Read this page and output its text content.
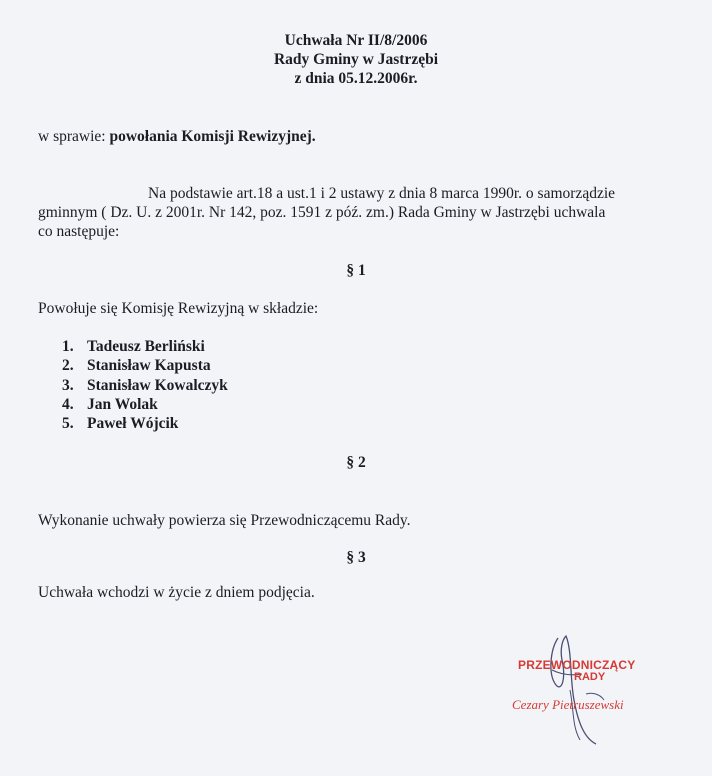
Uchwała Nr II/8/2006
Rady Gminy w Jastrzębi
z dnia 05.12.2006r.
w sprawie: powołania Komisji Rewizyjnej.
Na podstawie art.18 a ust.1 i 2 ustawy z dnia 8 marca 1990r. o samorządzie
gminnym ( Dz. U. z 2001r. Nr 142, poz. 1591 z póź. zm.) Rada Gminy w Jastrzębi uchwala
co następuje:
§ 1
Powołuje się Komisję Rewizyjną w składzie:
1. Tadeusz Berliński
2. Stanisław Kapusta
3. Stanisław Kowalczyk
4. Jan Wolak
5. Paweł Wójcik
§ 2
Wykonanie uchwały powierza się Przewodniczącemu Rady.
§ 3
Uchwała wchodzi w życie z dniem podjęcia.
PRZEWODNICZĄCY
RADY
Cezary Pietruszewski
